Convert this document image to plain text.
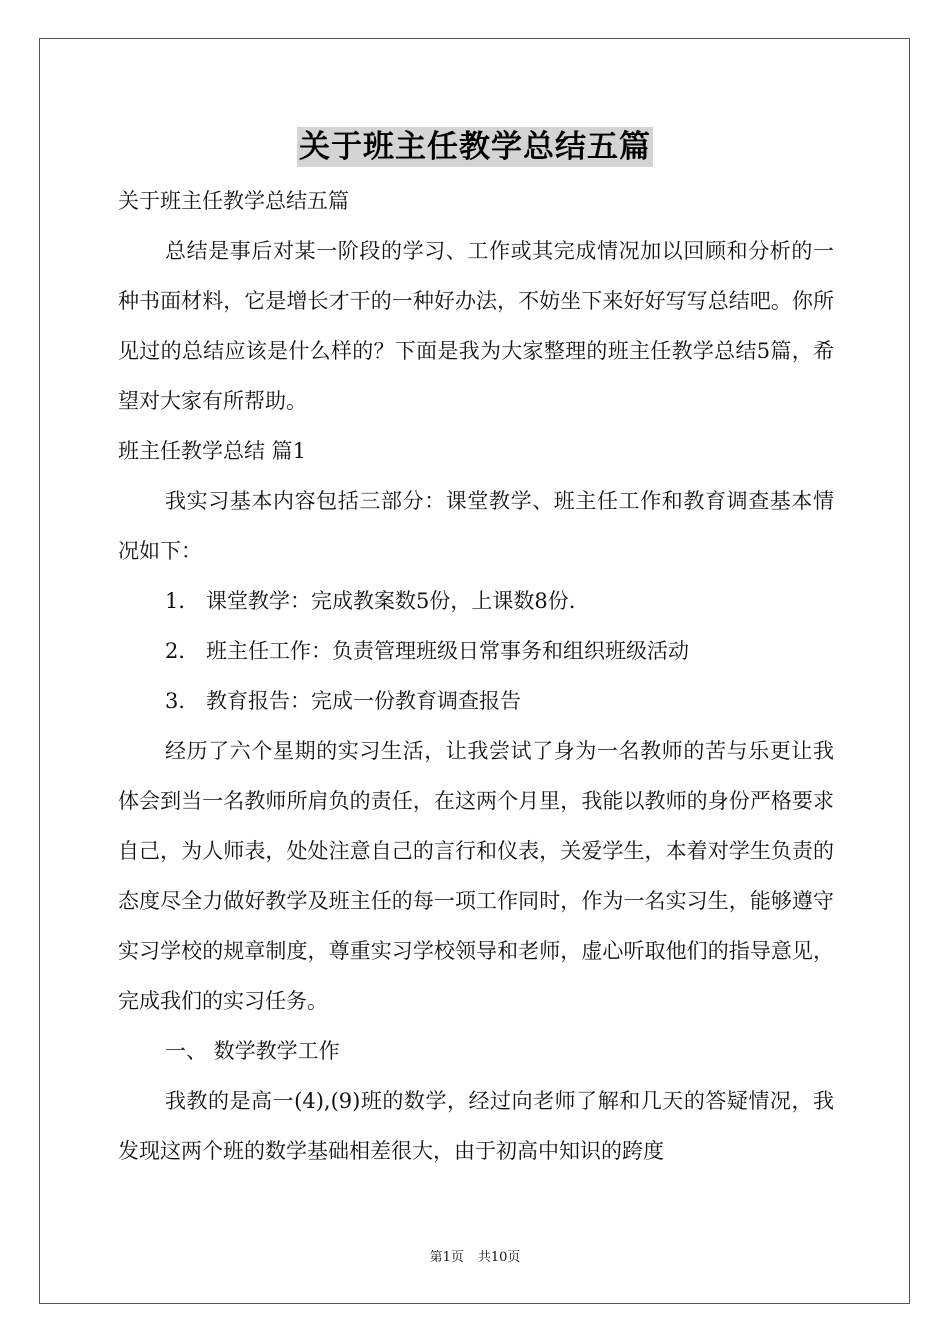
关于班主任教学总结五篇

关于班主任教学总结五篇

总结是事后对某一阶段的学习、工作或其完成情况加以回顾和分析的一种书面材料，它是增长才干的一种好办法，不妨坐下来好好写写总结吧。你所见过的总结应该是什么样的？下面是我为大家整理的班主任教学总结5篇，希望对大家有所帮助。

班主任教学总结 篇1

我实习基本内容包括三部分：课堂教学、班主任工作和教育调查基本情况如下：

1． 课堂教学：完成教案数5份，上课数8份.

2． 班主任工作：负责管理班级日常事务和组织班级活动

3． 教育报告：完成一份教育调查报告

经历了六个星期的实习生活，让我尝试了身为一名教师的苦与乐更让我体会到当一名教师所肩负的责任，在这两个月里，我能以教师的身份严格要求自己，为人师表，处处注意自己的言行和仪表，关爱学生，本着对学生负责的态度尽全力做好教学及班主任的每一项工作同时，作为一名实习生，能够遵守实习学校的规章制度，尊重实习学校领导和老师，虚心听取他们的指导意见，完成我们的实习任务。

一、 数学教学工作

我教的是高一(4),(9)班的数学，经过向老师了解和几天的答疑情况，我发现这两个班的数学基础相差很大，由于初高中知识的跨度

第1页 共10页
